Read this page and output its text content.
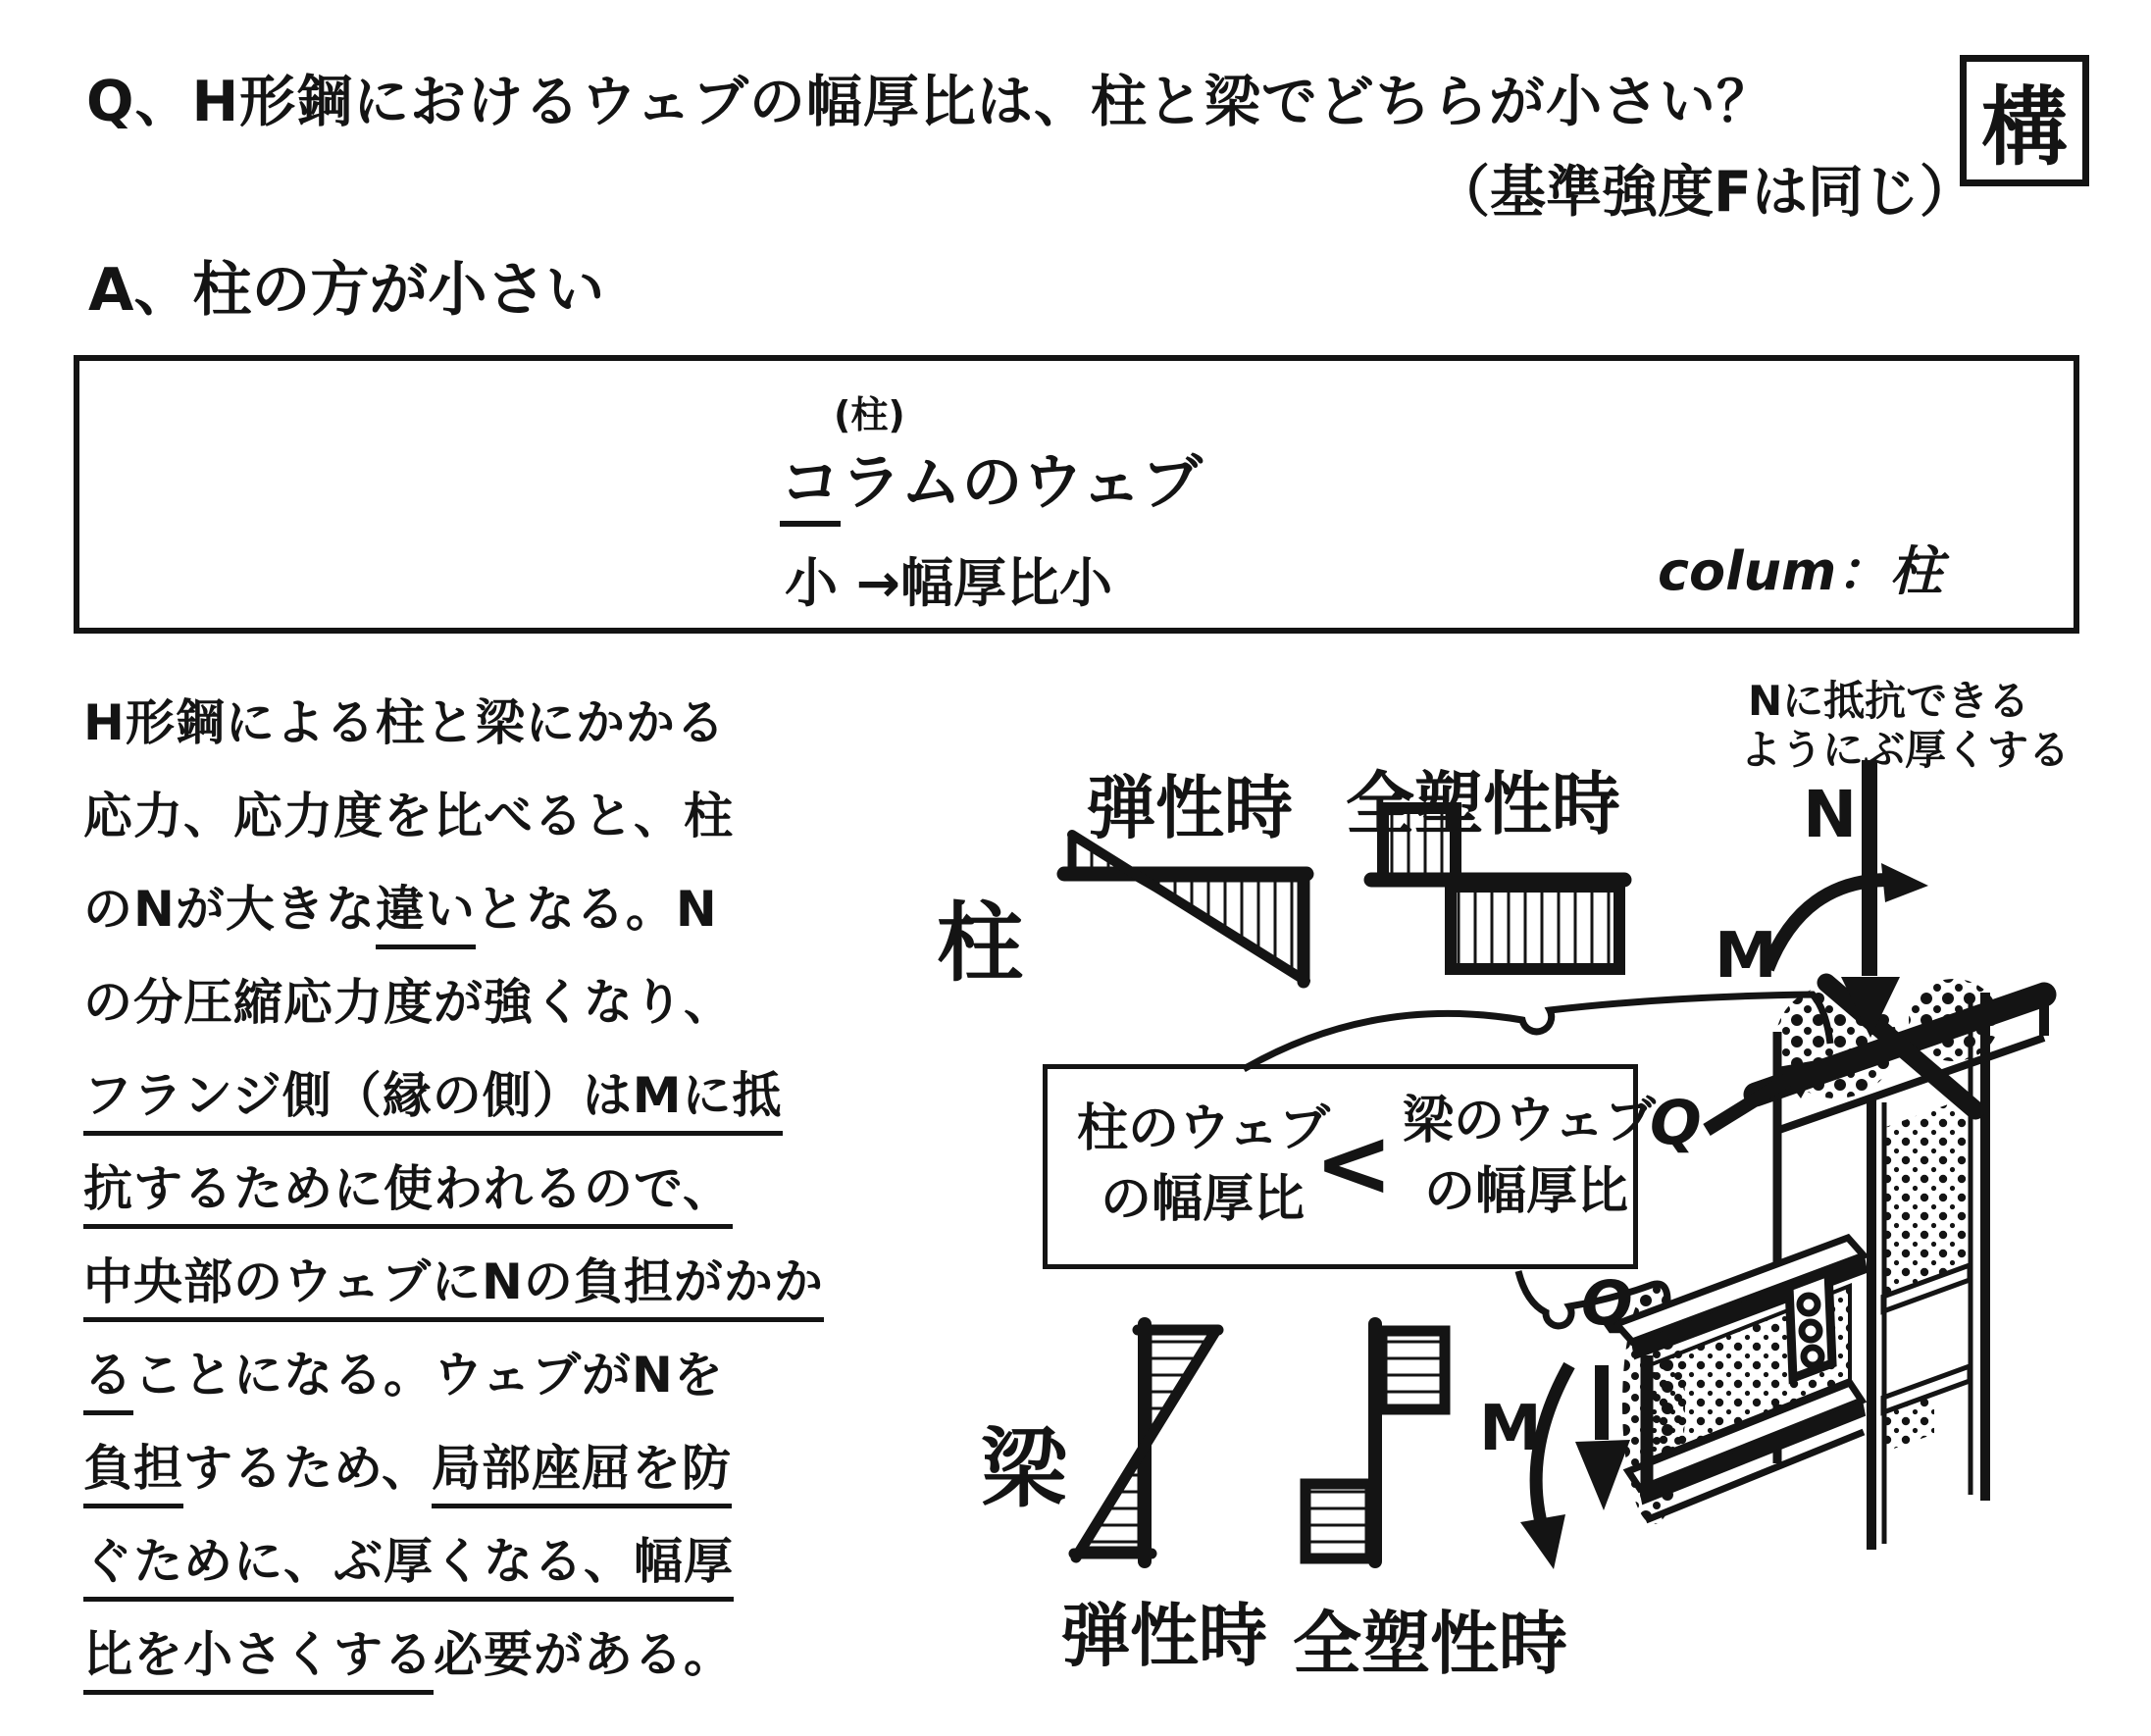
Q、H形鋼におけるウェブの幅厚比は、柱と梁でどちらが小さい？ 構
（基準強度Fは同じ）
A、柱の方が小さい
(柱)
コラムのウェブ
小 →幅厚比小	colum：柱
H形鋼による柱と梁にかかる
応力、応力度を比べると、柱
のNが大きな違いとなる。N
の分圧縮応力度が強くなり、
フランジ側（縁の側）はMに抵
抗するために使われるので、
中央部のウェブにNの負担がかか
ることになる。ウェブがNを
負担するため、局部座屈を防
ぐために、ぶ厚くなる、幅厚
比を小さくする必要がある。
弾性時 全塑性時
柱
梁
弾性時 全塑性時
柱のウェブ
の幅厚比 < 梁のウェブ
の幅厚比
Nに抵抗できる
ようにぶ厚くする
N
M
Q
Q
M
